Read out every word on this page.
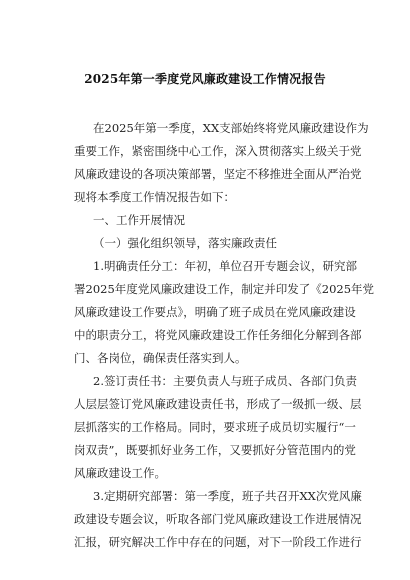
2025年第一季度党风廉政建设工作情况报告
在2025年第一季度，XX支部始终将党风廉政建设作为
重要工作，紧密围绕中心工作，深入贯彻落实上级关于党
风廉政建设的各项决策部署，坚定不移推进全面从严治党
现将本季度工作情况报告如下：
一、工作开展情况
（一）强化组织领导，落实廉政责任
1.明确责任分工：年初，单位召开专题会议，研究部
署2025年度党风廉政建设工作，制定并印发了《2025年党
风廉政建设工作要点》，明确了班子成员在党风廉政建设
中的职责分工，将党风廉政建设工作任务细化分解到各部
门、各岗位，确保责任落实到人。
2.签订责任书：主要负责人与班子成员、各部门负责
人层层签订党风廉政建设责任书，形成了一级抓一级、层
层抓落实的工作格局。同时，要求班子成员切实履行“一
岗双责”，既要抓好业务工作，又要抓好分管范围内的党
风廉政建设工作。
3.定期研究部署：第一季度，班子共召开XX次党风廉
政建设专题会议，听取各部门党风廉政建设工作进展情况
汇报，研究解决工作中存在的问题，对下一阶段工作进行
